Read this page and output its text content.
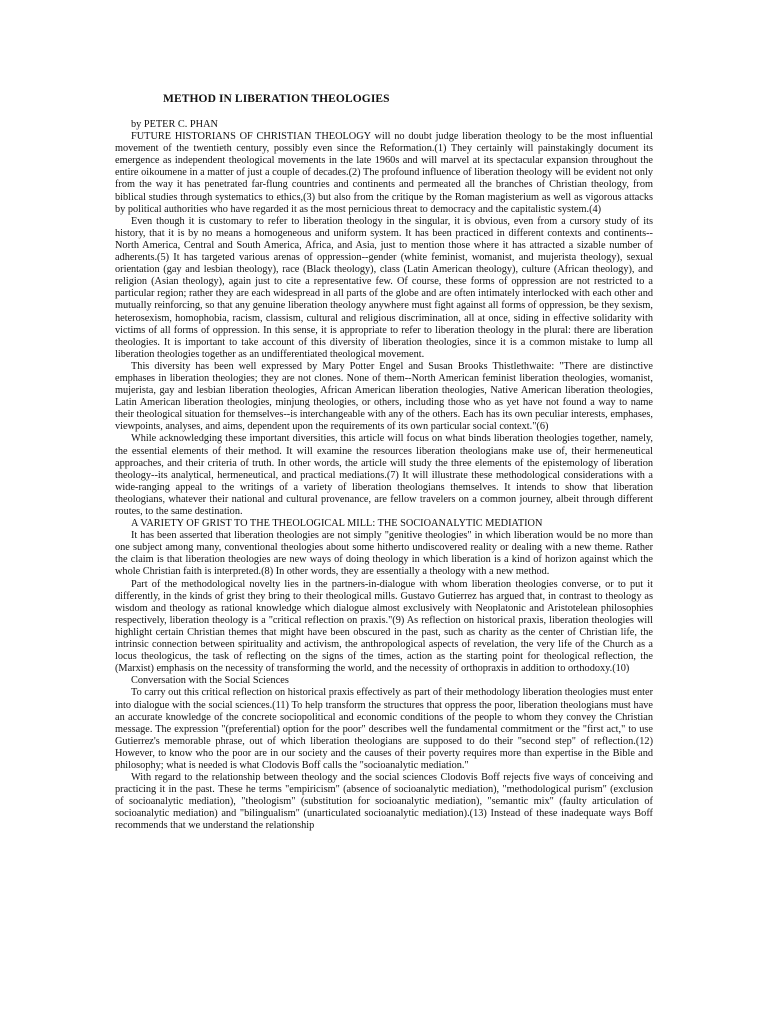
METHOD IN LIBERATION THEOLOGIES

by PETER C. PHAN

FUTURE HISTORIANS OF CHRISTIAN THEOLOGY will no doubt judge liberation theology to be the most influential movement of the twentieth century, possibly even since the Reformation.(1) They certainly will painstakingly document its emergence as independent theological movements in the late 1960s and will marvel at its spectacular expansion throughout the entire oikoumene in a matter of just a couple of decades.(2) The profound influence of liberation theology will be evident not only from the way it has penetrated far-flung countries and continents and permeated all the branches of Christian theology, from biblical studies through systematics to ethics,(3) but also from the critique by the Roman magisterium as well as vigorous attacks by political authorities who have regarded it as the most pernicious threat to democracy and the capitalistic system.(4)

Even though it is customary to refer to liberation theology in the singular, it is obvious, even from a cursory study of its history, that it is by no means a homogeneous and uniform system. It has been practiced in different contexts and continents--North America, Central and South America, Africa, and Asia, just to mention those where it has attracted a sizable number of adherents.(5) It has targeted various arenas of oppression--gender (white feminist, womanist, and mujerista theology), sexual orientation (gay and lesbian theology), race (Black theology), class (Latin American theology), culture (African theology), and religion (Asian theology), again just to cite a representative few. Of course, these forms of oppression are not restricted to a particular region; rather they are each widespread in all parts of the globe and are often intimately interlocked with each other and mutually reinforcing, so that any genuine liberation theology anywhere must fight against all forms of oppression, be they sexism, heterosexism, homophobia, racism, classism, cultural and religious discrimination, all at once, siding in effective solidarity with victims of all forms of oppression. In this sense, it is appropriate to refer to liberation theology in the plural: there are liberation theologies. It is important to take account of this diversity of liberation theologies, since it is a common mistake to lump all liberation theologies together as an undifferentiated theological movement.

This diversity has been well expressed by Mary Potter Engel and Susan Brooks Thistlethwaite: "There are distinctive emphases in liberation theologies; they are not clones. None of them--North American feminist liberation theologies, womanist, mujerista, gay and lesbian liberation theologies, African American liberation theologies, Native American liberation theologies, Latin American liberation theologies, minjung theologies, or others, including those who as yet have not found a way to name their theological situation for themselves--is interchangeable with any of the others. Each has its own peculiar interests, emphases, viewpoints, analyses, and aims, dependent upon the requirements of its own particular social context."(6)

While acknowledging these important diversities, this article will focus on what binds liberation theologies together, namely, the essential elements of their method. It will examine the resources liberation theologians make use of, their hermeneutical approaches, and their criteria of truth. In other words, the article will study the three elements of the epistemology of liberation theology--its analytical, hermeneutical, and practical mediations.(7) It will illustrate these methodological considerations with a wide-ranging appeal to the writings of a variety of liberation theologians themselves. It intends to show that liberation theologians, whatever their national and cultural provenance, are fellow travelers on a common journey, albeit through different routes, to the same destination.

A VARIETY OF GRIST TO THE THEOLOGICAL MILL: THE SOCIOANALYTIC MEDIATION

It has been asserted that liberation theologies are not simply "genitive theologies" in which liberation would be no more than one subject among many, conventional theologies about some hitherto undiscovered reality or dealing with a new theme. Rather the claim is that liberation theologies are new ways of doing theology in which liberation is a kind of horizon against which the whole Christian faith is interpreted.(8) In other words, they are essentially a theology with a new method.

Part of the methodological novelty lies in the partners-in-dialogue with whom liberation theologies converse, or to put it differently, in the kinds of grist they bring to their theological mills. Gustavo Gutierrez has argued that, in contrast to theology as wisdom and theology as rational knowledge which dialogue almost exclusively with Neoplatonic and Aristotelean philosophies respectively, liberation theology is a "critical reflection on praxis."(9) As reflection on historical praxis, liberation theologies will highlight certain Christian themes that might have been obscured in the past, such as charity as the center of Christian life, the intrinsic connection between spirituality and activism, the anthropological aspects of revelation, the very life of the Church as a locus theologicus, the task of reflecting on the signs of the times, action as the starting point for theological reflection, the (Marxist) emphasis on the necessity of transforming the world, and the necessity of orthopraxis in addition to orthodoxy.(10)

Conversation with the Social Sciences

To carry out this critical reflection on historical praxis effectively as part of their methodology liberation theologies must enter into dialogue with the social sciences.(11) To help transform the structures that oppress the poor, liberation theologians must have an accurate knowledge of the concrete sociopolitical and economic conditions of the people to whom they convey the Christian message. The expression "(preferential) option for the poor" describes well the fundamental commitment or the "first act," to use Gutierrez's memorable phrase, out of which liberation theologians are supposed to do their "second step" of reflection.(12) However, to know who the poor are in our society and the causes of their poverty requires more than expertise in the Bible and philosophy; what is needed is what Clodovis Boff calls the "socioanalytic mediation."

With regard to the relationship between theology and the social sciences Clodovis Boff rejects five ways of conceiving and practicing it in the past. These he terms "empiricism" (absence of socioanalytic mediation), "methodological purism" (exclusion of socioanalytic mediation), "theologism" (substitution for socioanalytic mediation), "semantic mix" (faulty articulation of socioanalytic mediation) and "bilingualism" (unarticulated socioanalytic mediation).(13) Instead of these inadequate ways Boff recommends that we understand the relationship
